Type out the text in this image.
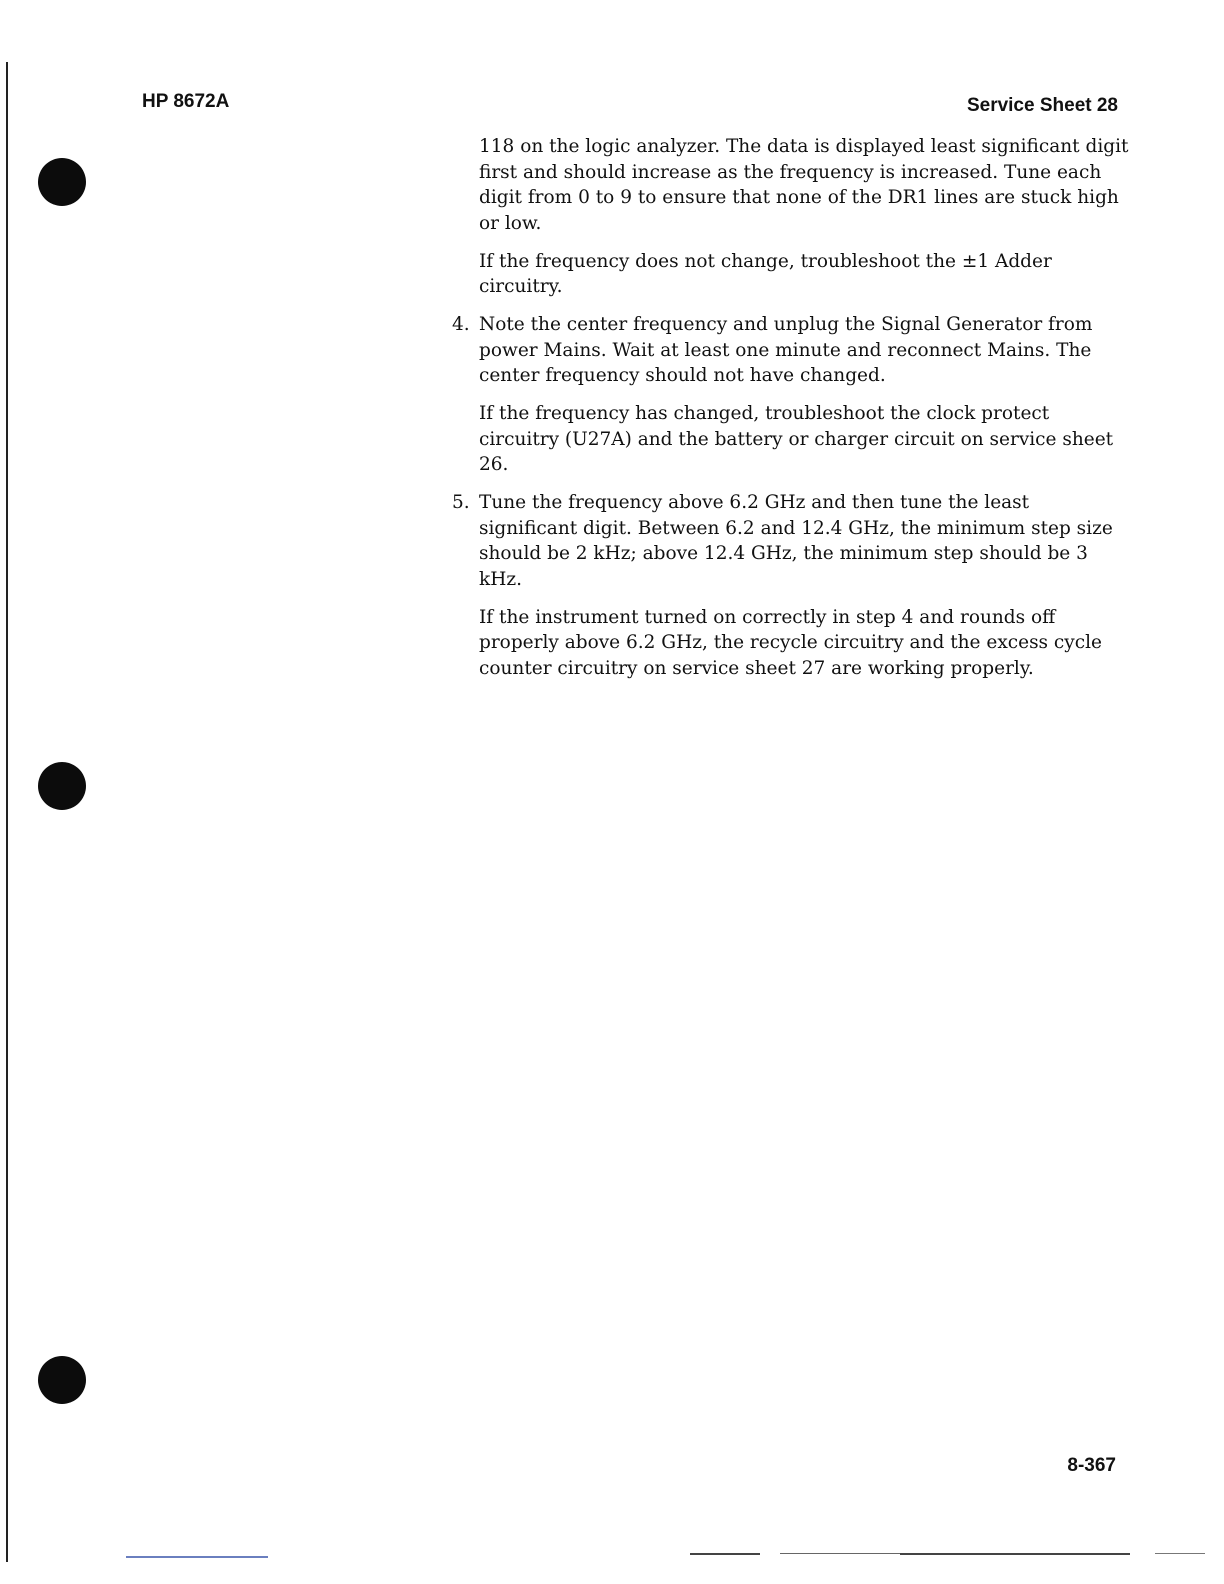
HP 8672A	Service Sheet 28

118 on the logic analyzer. The data is displayed least significant digit first and should increase as the frequency is increased. Tune each digit from 0 to 9 to ensure that none of the DR1 lines are stuck high or low.

If the frequency does not change, troubleshoot the ±1 Adder circuitry.

4. Note the center frequency and unplug the Signal Generator from power Mains. Wait at least one minute and reconnect Mains. The center frequency should not have changed.

If the frequency has changed, troubleshoot the clock protect circuitry (U27A) and the battery or charger circuit on service sheet 26.

5. Tune the frequency above 6.2 GHz and then tune the least significant digit. Between 6.2 and 12.4 GHz, the minimum step size should be 2 kHz; above 12.4 GHz, the minimum step should be 3 kHz.

If the instrument turned on correctly in step 4 and rounds off properly above 6.2 GHz, the recycle circuitry and the excess cycle counter circuitry on service sheet 27 are working properly.

8-367
